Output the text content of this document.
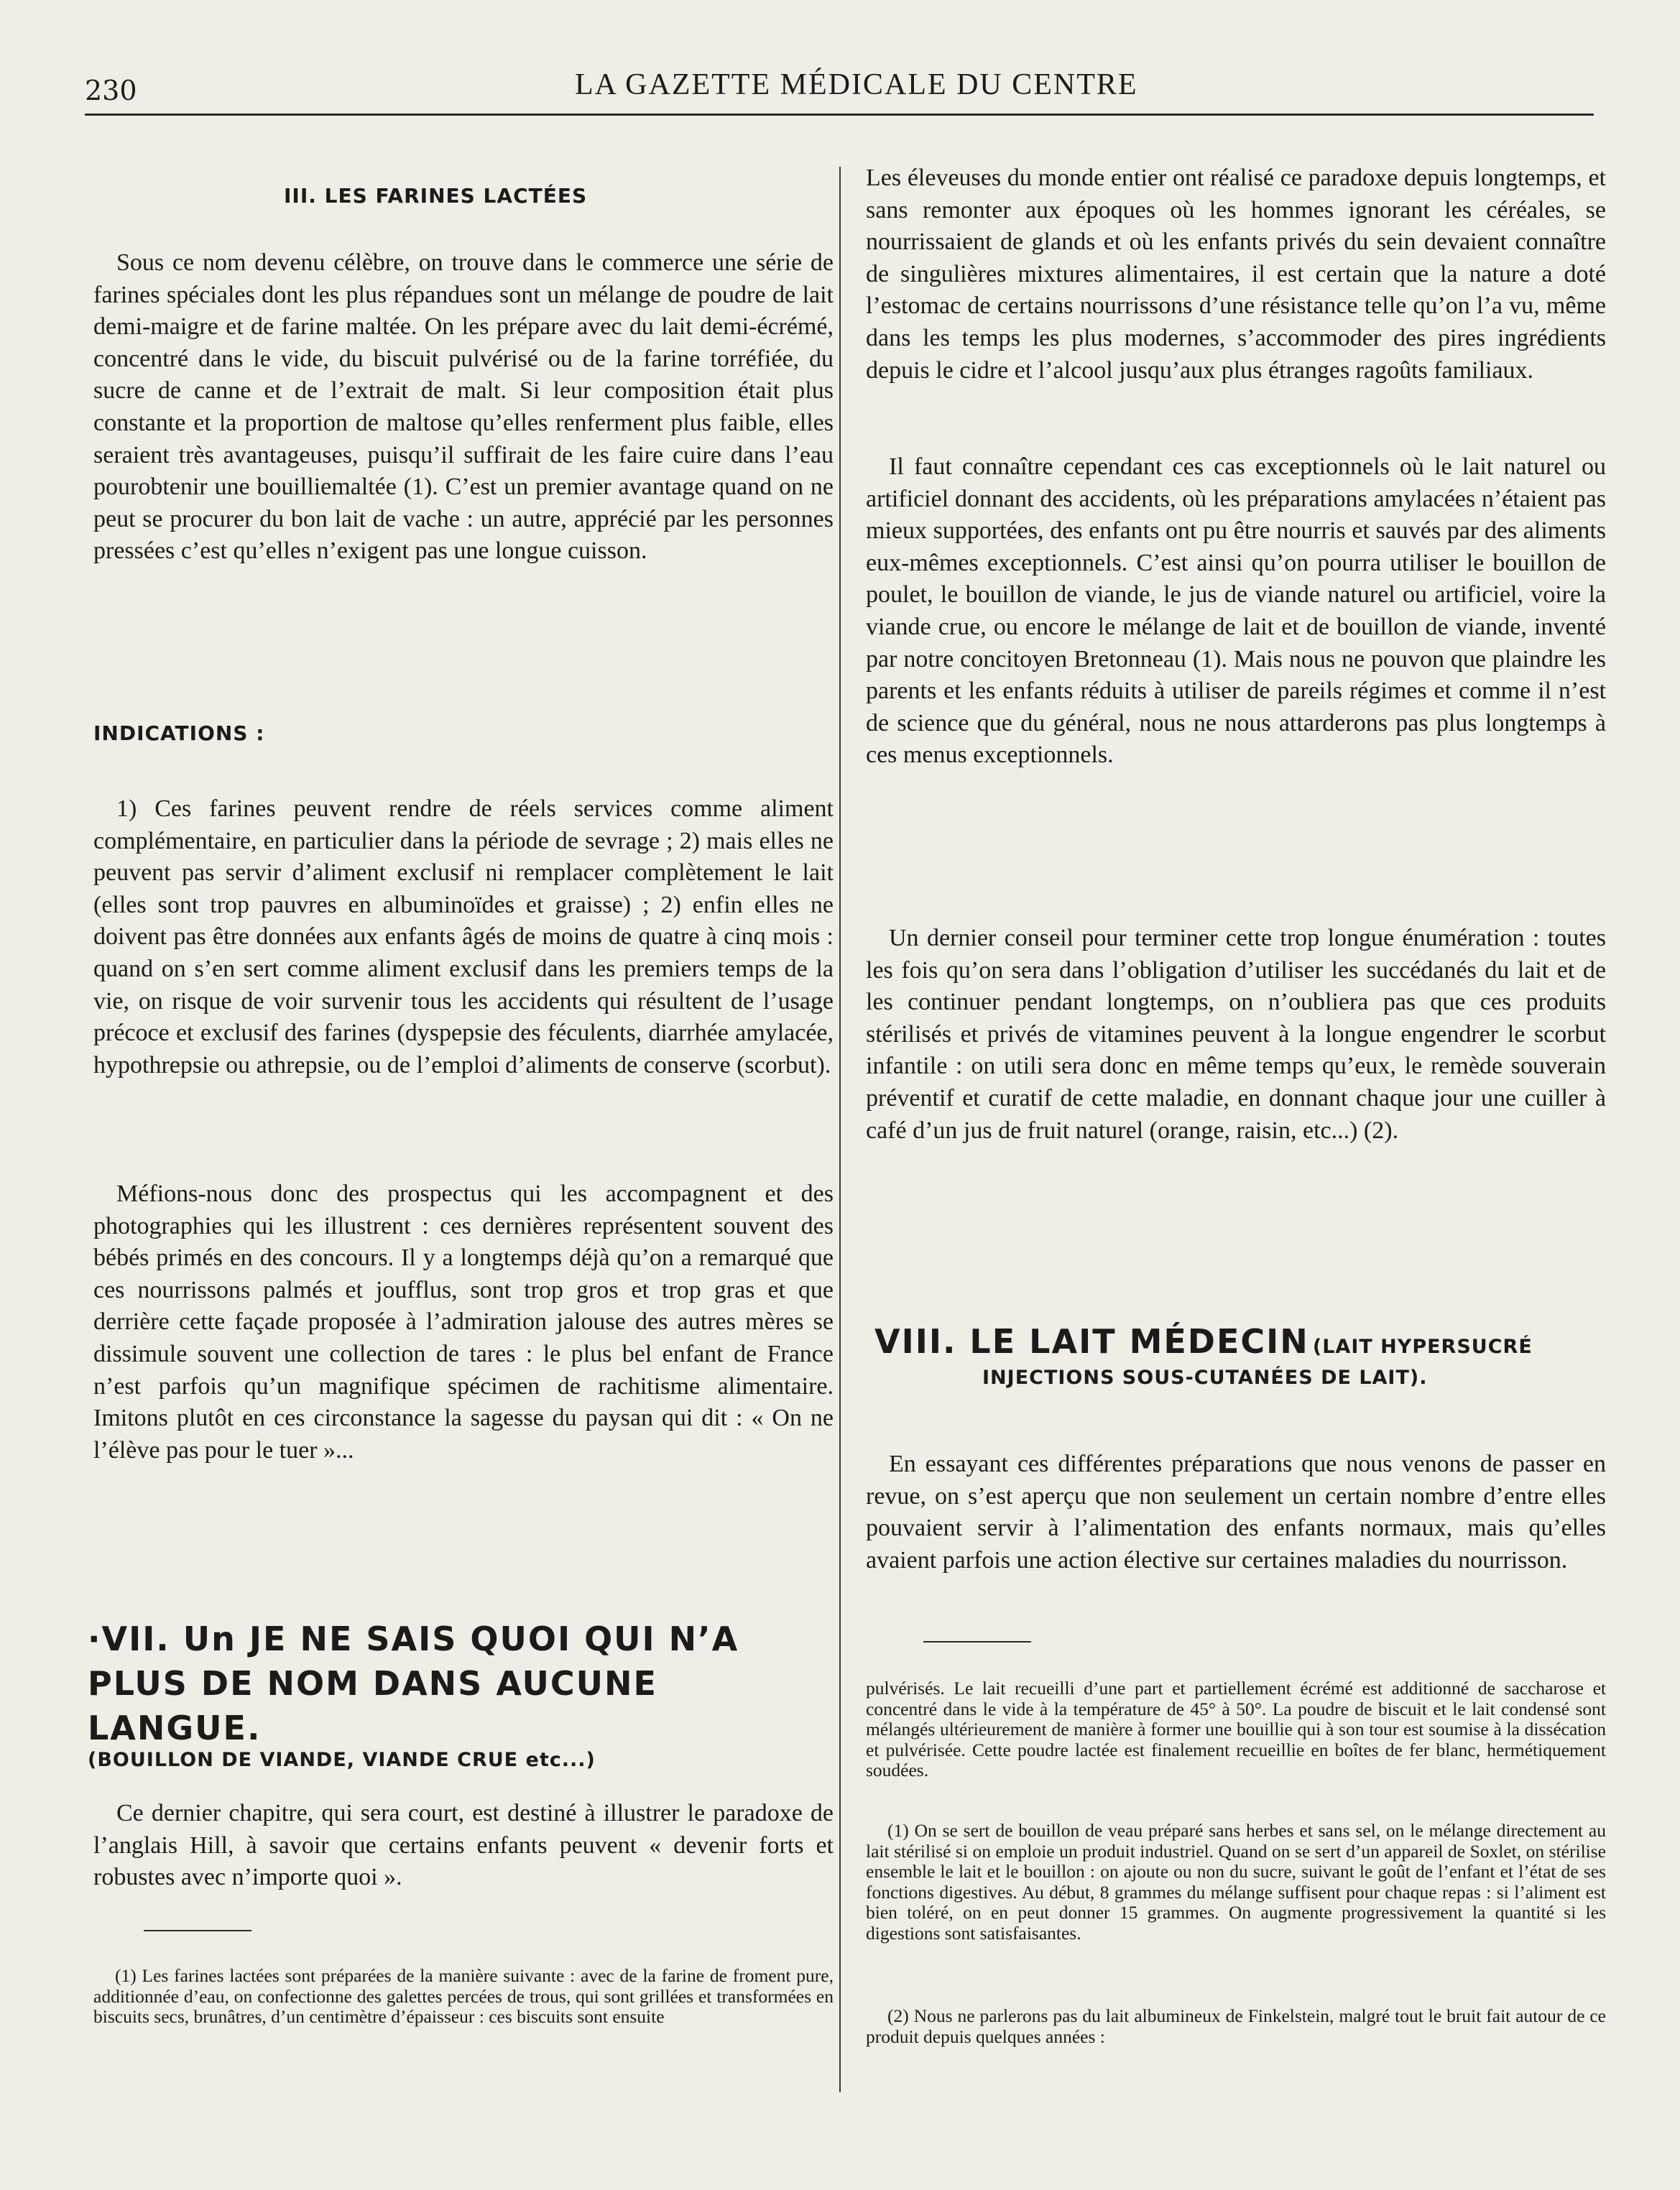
230	LA GAZETTE MÉDICALE DU CENTRE
III. LES FARINES LACTÉES

Sous ce nom devenu célèbre, on trouve dans le commerce une série de farines spéciales dont les plus répandues sont un mélange de poudre de lait demi-maigre et de farine maltée. On les prépare avec du lait demi-écrémé, concentré dans le vide, du biscuit pulvérisé ou de la farine torréfiée, du sucre de canne et de l’extrait de malt. Si leur composition était plus constante et la proportion de maltose qu’elles renferment plus faible, elles seraient très avantageuses, puisqu’il suffirait de les faire cuire dans l’eau pourobtenir une bouilliemaltée (1). C’est un premier avantage quand on ne peut se procurer du bon lait de vache : un autre, apprécié par les personnes pressées c’est qu’elles n’exigent pas une longue cuisson.

INDICATIONS :

1) Ces farines peuvent rendre de réels services comme aliment complémentaire, en particulier dans la période de sevrage ; 2) mais elles ne peuvent pas servir d’aliment exclusif ni remplacer complètement le lait (elles sont trop pauvres en albuminoïdes et graisse) ; 2) enfin elles ne doivent pas être données aux enfants âgés de moins de quatre à cinq mois : quand on s’en sert comme aliment exclusif dans les premiers temps de la vie, on risque de voir survenir tous les accidents qui résultent de l’usage précoce et exclusif des farines (dyspepsie des féculents, diarrhée amylacée, hypothrepsie ou athrepsie, ou de l’emploi d’aliments de conserve (scorbut).

Méfions-nous donc des prospectus qui les accompagnent et des photographies qui les illustrent : ces dernières représentent souvent des bébés primés en des concours. Il y a longtemps déjà qu’on a remarqué que ces nourrissons palmés et joufflus, sont trop gros et trop gras et que derrière cette façade proposée à l’admiration jalouse des autres mères se dissimule souvent une collection de tares : le plus bel enfant de France n’est parfois qu’un magnifique spécimen de rachitisme alimentaire. Imitons plutôt en ces circonstance la sagesse du paysan qui dit : « On ne l’élève pas pour le tuer »...

·VII. Un JE NE SAIS QUOI QUI N’A PLUS DE NOM DANS AUCUNE LANGUE.
(BOUILLON DE VIANDE, VIANDE CRUE etc...)

Ce dernier chapitre, qui sera court, est destiné à illustrer le paradoxe de l’anglais Hill, à savoir que certains enfants peuvent « devenir forts et robustes avec n’importe quoi ».

(1) Les farines lactées sont préparées de la manière suivante : avec de la farine de froment pure, additionnée d’eau, on confectionne des galettes percées de trous, qui sont grillées et transformées en biscuits secs, brunâtres, d’un centimètre d’épaisseur : ces biscuits sont ensuite

Les éleveuses du monde entier ont réalisé ce paradoxe depuis longtemps, et sans remonter aux époques où les hommes ignorant les céréales, se nourrissaient de glands et où les enfants privés du sein devaient connaître de singulières mixtures alimentaires, il est certain que la nature a doté l’estomac de certains nourrissons d’une résistance telle qu’on l’a vu, même dans les temps les plus modernes, s’accommoder des pires ingrédients depuis le cidre et l’alcool jusqu’aux plus étranges ragoûts familiaux.

Il faut connaître cependant ces cas exceptionnels où le lait naturel ou artificiel donnant des accidents, où les préparations amylacées n’étaient pas mieux supportées, des enfants ont pu être nourris et sauvés par des aliments eux-mêmes exceptionnels. C’est ainsi qu’on pourra utiliser le bouillon de poulet, le bouillon de viande, le jus de viande naturel ou artificiel, voire la viande crue, ou encore le mélange de lait et de bouillon de viande, inventé par notre concitoyen Bretonneau (1). Mais nous ne pouvon que plaindre les parents et les enfants réduits à utiliser de pareils régimes et comme il n’est de science que du général, nous ne nous attarderons pas plus longtemps à ces menus exceptionnels.

Un dernier conseil pour terminer cette trop longue énumération : toutes les fois qu’on sera dans l’obligation d’utiliser les succédanés du lait et de les continuer pendant longtemps, on n’oubliera pas que ces produits stérilisés et privés de vitamines peuvent à la longue engendrer le scorbut infantile : on utili sera donc en même temps qu’eux, le remède souverain préventif et curatif de cette maladie, en donnant chaque jour une cuiller à café d’un jus de fruit naturel (orange, raisin, etc...) (2).

VIII. LE LAIT MÉDECIN (LAIT HYPERSUCRÉ
INJECTIONS SOUS-CUTANÉES DE LAIT).

En essayant ces différentes préparations que nous venons de passer en revue, on s’est aperçu que non seulement un certain nombre d’entre elles pouvaient servir à l’alimentation des enfants normaux, mais qu’elles avaient parfois une action élective sur certaines maladies du nourrisson.

pulvérisés. Le lait recueilli d’une part et partiellement écrémé est additionné de saccharose et concentré dans le vide à la température de 45° à 50°. La poudre de biscuit et le lait condensé sont mélangés ultérieurement de manière à former une bouillie qui à son tour est soumise à la dissécation et pulvérisée. Cette poudre lactée est finalement recueillie en boîtes de fer blanc, hermétiquement soudées.

(1) On se sert de bouillon de veau préparé sans herbes et sans sel, on le mélange directement au lait stérilisé si on emploie un produit industriel. Quand on se sert d’un appareil de Soxlet, on stérilise ensemble le lait et le bouillon : on ajoute ou non du sucre, suivant le goût de l’enfant et l’état de ses fonctions digestives. Au début, 8 grammes du mélange suffisent pour chaque repas : si l’aliment est bien toléré, on en peut donner 15 grammes. On augmente progressivement la quantité si les digestions sont satisfaisantes.

(2) Nous ne parlerons pas du lait albumineux de Finkelstein, malgré tout le bruit fait autour de ce produit depuis quelques années :
